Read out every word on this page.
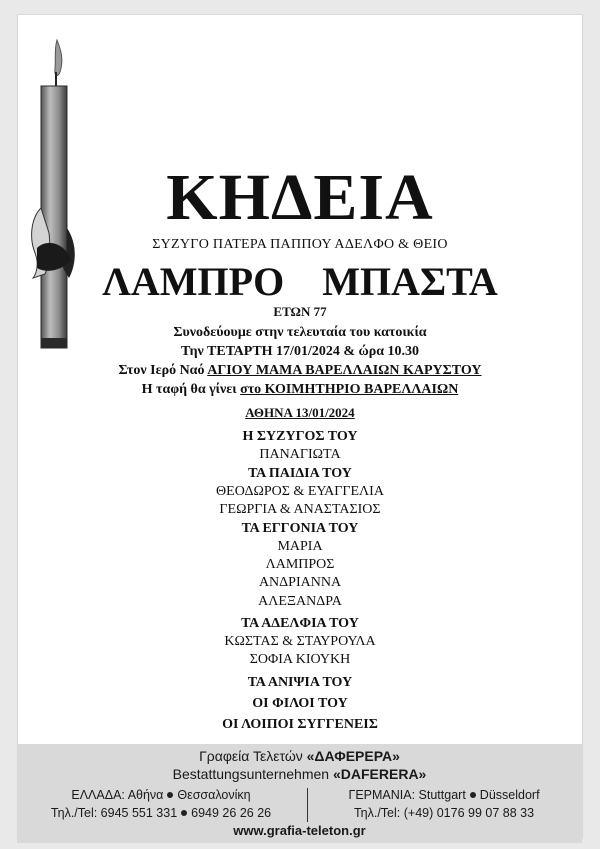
ΚΗΔΕΙΑ
ΣΥΖΥΓΟ ΠΑΤΕΡΑ ΠΑΠΠΟΥ ΑΔΕΛΦΟ & ΘΕΙΟ
ΛΑΜΠΡΟ ΜΠΑΣΤΑ
ΕΤΩΝ 77
Συνοδεύουμε στην τελευταία του κατοικία
Την ΤΕΤΑΡΤΗ 17/01/2024 & ώρα 10.30
Στον Ιερό Ναό ΑΓΙΟΥ ΜΑΜΑ ΒΑΡΕΛΛΑΙΩΝ ΚΑΡΥΣΤΟΥ
Η ταφή θα γίνει στο ΚΟΙΜΗΤΗΡΙΟ ΒΑΡΕΛΛΑΙΩΝ
ΑΘΗΝΑ 13/01/2024
Η ΣΥΖΥΓΟΣ ΤΟΥ
ΠΑΝΑΓΙΩΤΑ
ΤΑ ΠΑΙΔΙΑ ΤΟΥ
ΘΕΟΔΩΡΟΣ & ΕΥΑΓΓΕΛΙΑ
ΓΕΩΡΓΙΑ & ΑΝΑΣΤΑΣΙΟΣ
ΤΑ ΕΓΓΟΝΙΑ ΤΟΥ
ΜΑΡΙΑ
ΛΑΜΠΡΟΣ
ΑΝΔΡΙΑΝΝΑ
ΑΛΕΞΑΝΔΡΑ
ΤΑ ΑΔΕΛΦΙΑ ΤΟΥ
ΚΩΣΤΑΣ & ΣΤΑΥΡΟΥΛΑ
ΣΟΦΙΑ ΚΙΟΥΚΗ
ΤΑ ΑΝΙΨΙΑ ΤΟΥ
ΟΙ ΦΙΛΟΙ ΤΟΥ
ΟΙ ΛΟΙΠΟΙ ΣΥΓΓΕΝΕΙΣ
Γραφεία Τελετών «ΔΑΦΕΡΕΡΑ»
Bestattungsunternehmen «DAFERERA»
ΕΛΛΑΔΑ: Αθήνα Θεσσαλονίκη
Τηλ./Tel: 6945 551 331 6949 26 26 26
ΓΕΡΜΑΝΙΑ: Stuttgart Düsseldorf
Τηλ./Tel: (+49) 0176 99 07 88 33
www.grafia-teleton.gr
